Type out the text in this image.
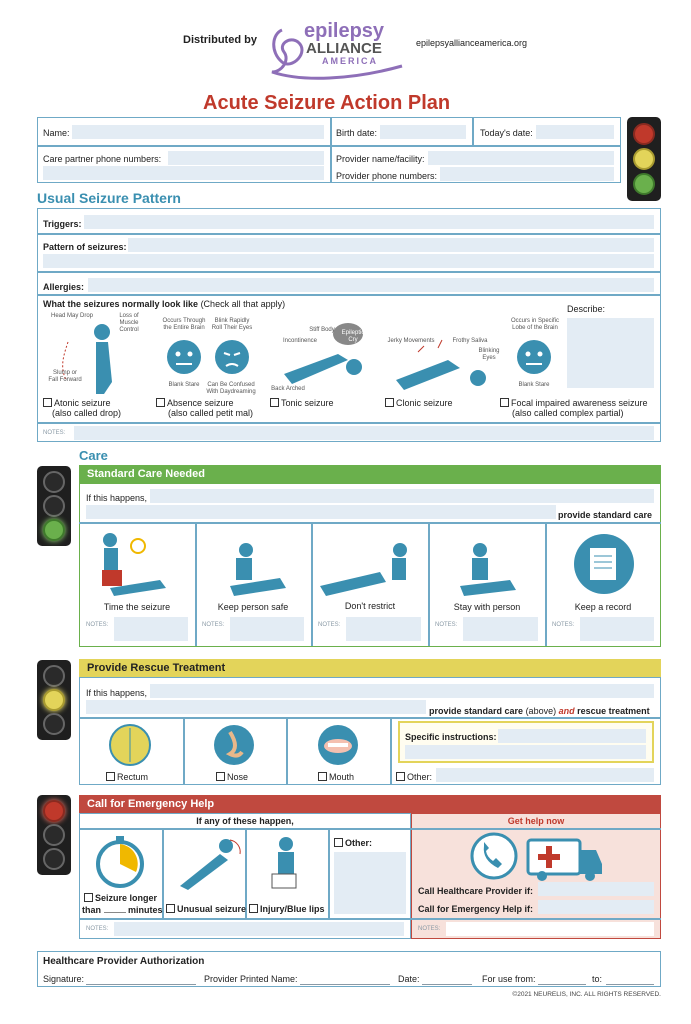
Distributed by epilepsy
ALLIANCE
AMERICA
epilepsyallianceamerica.org
Acute Seizure Action Plan
Name:	Birth date:	Today's date:
Care partner phone numbers:	Provider name/facility:
Provider phone numbers:
Usual Seizure Pattern
Triggers:
Pattern of seizures:
Allergies:
What the seizures normally look like (Check all that apply)	Describe:
Head May Drop	Loss of Muscle Control
Slump or Fall Forward
Occurs Through the Entire Brain
Blink Rapidly Roll Their Eyes
Blank Stare	Can Be Confused With Daydreaming
Stiff Body	Epileptic Cry
Incontinence
Back Arched
Jerky Movements	Frothy Saliva
Blinking Eyes
Occurs in Specific Lobe of the Brain
Blank Stare
Atonic seizure
(also called drop)
Absence seizure
(also called petit mal)
Tonic seizure	Clonic seizure	Focal impaired awareness seizure
(also called complex partial)
NOTES:
Care
Standard Care Needed
If this happens,
provide standard care
Time the seizure	Keep person safe	Don't restrict	Stay with person	Keep a record
NOTES:	NOTES:	NOTES:	NOTES:	NOTES:
Provide Rescue Treatment
If this happens,
provide standard care (above) and rescue treatment
Rectum	Nose	Mouth
Specific instructions:
Other:
Call for Emergency Help
If any of these happen,	Get help now
Seizure longer
than	minutes	Unusual seizure	Injury/Blue lips
Other:
Call Healthcare Provider if:
Call for Emergency Help if:
NOTES:	NOTES:
Healthcare Provider Authorization
Signature:	Provider Printed Name:	Date:	For use from:	to:
©2021 NEURELIS, INC. ALL RIGHTS RESERVED.
